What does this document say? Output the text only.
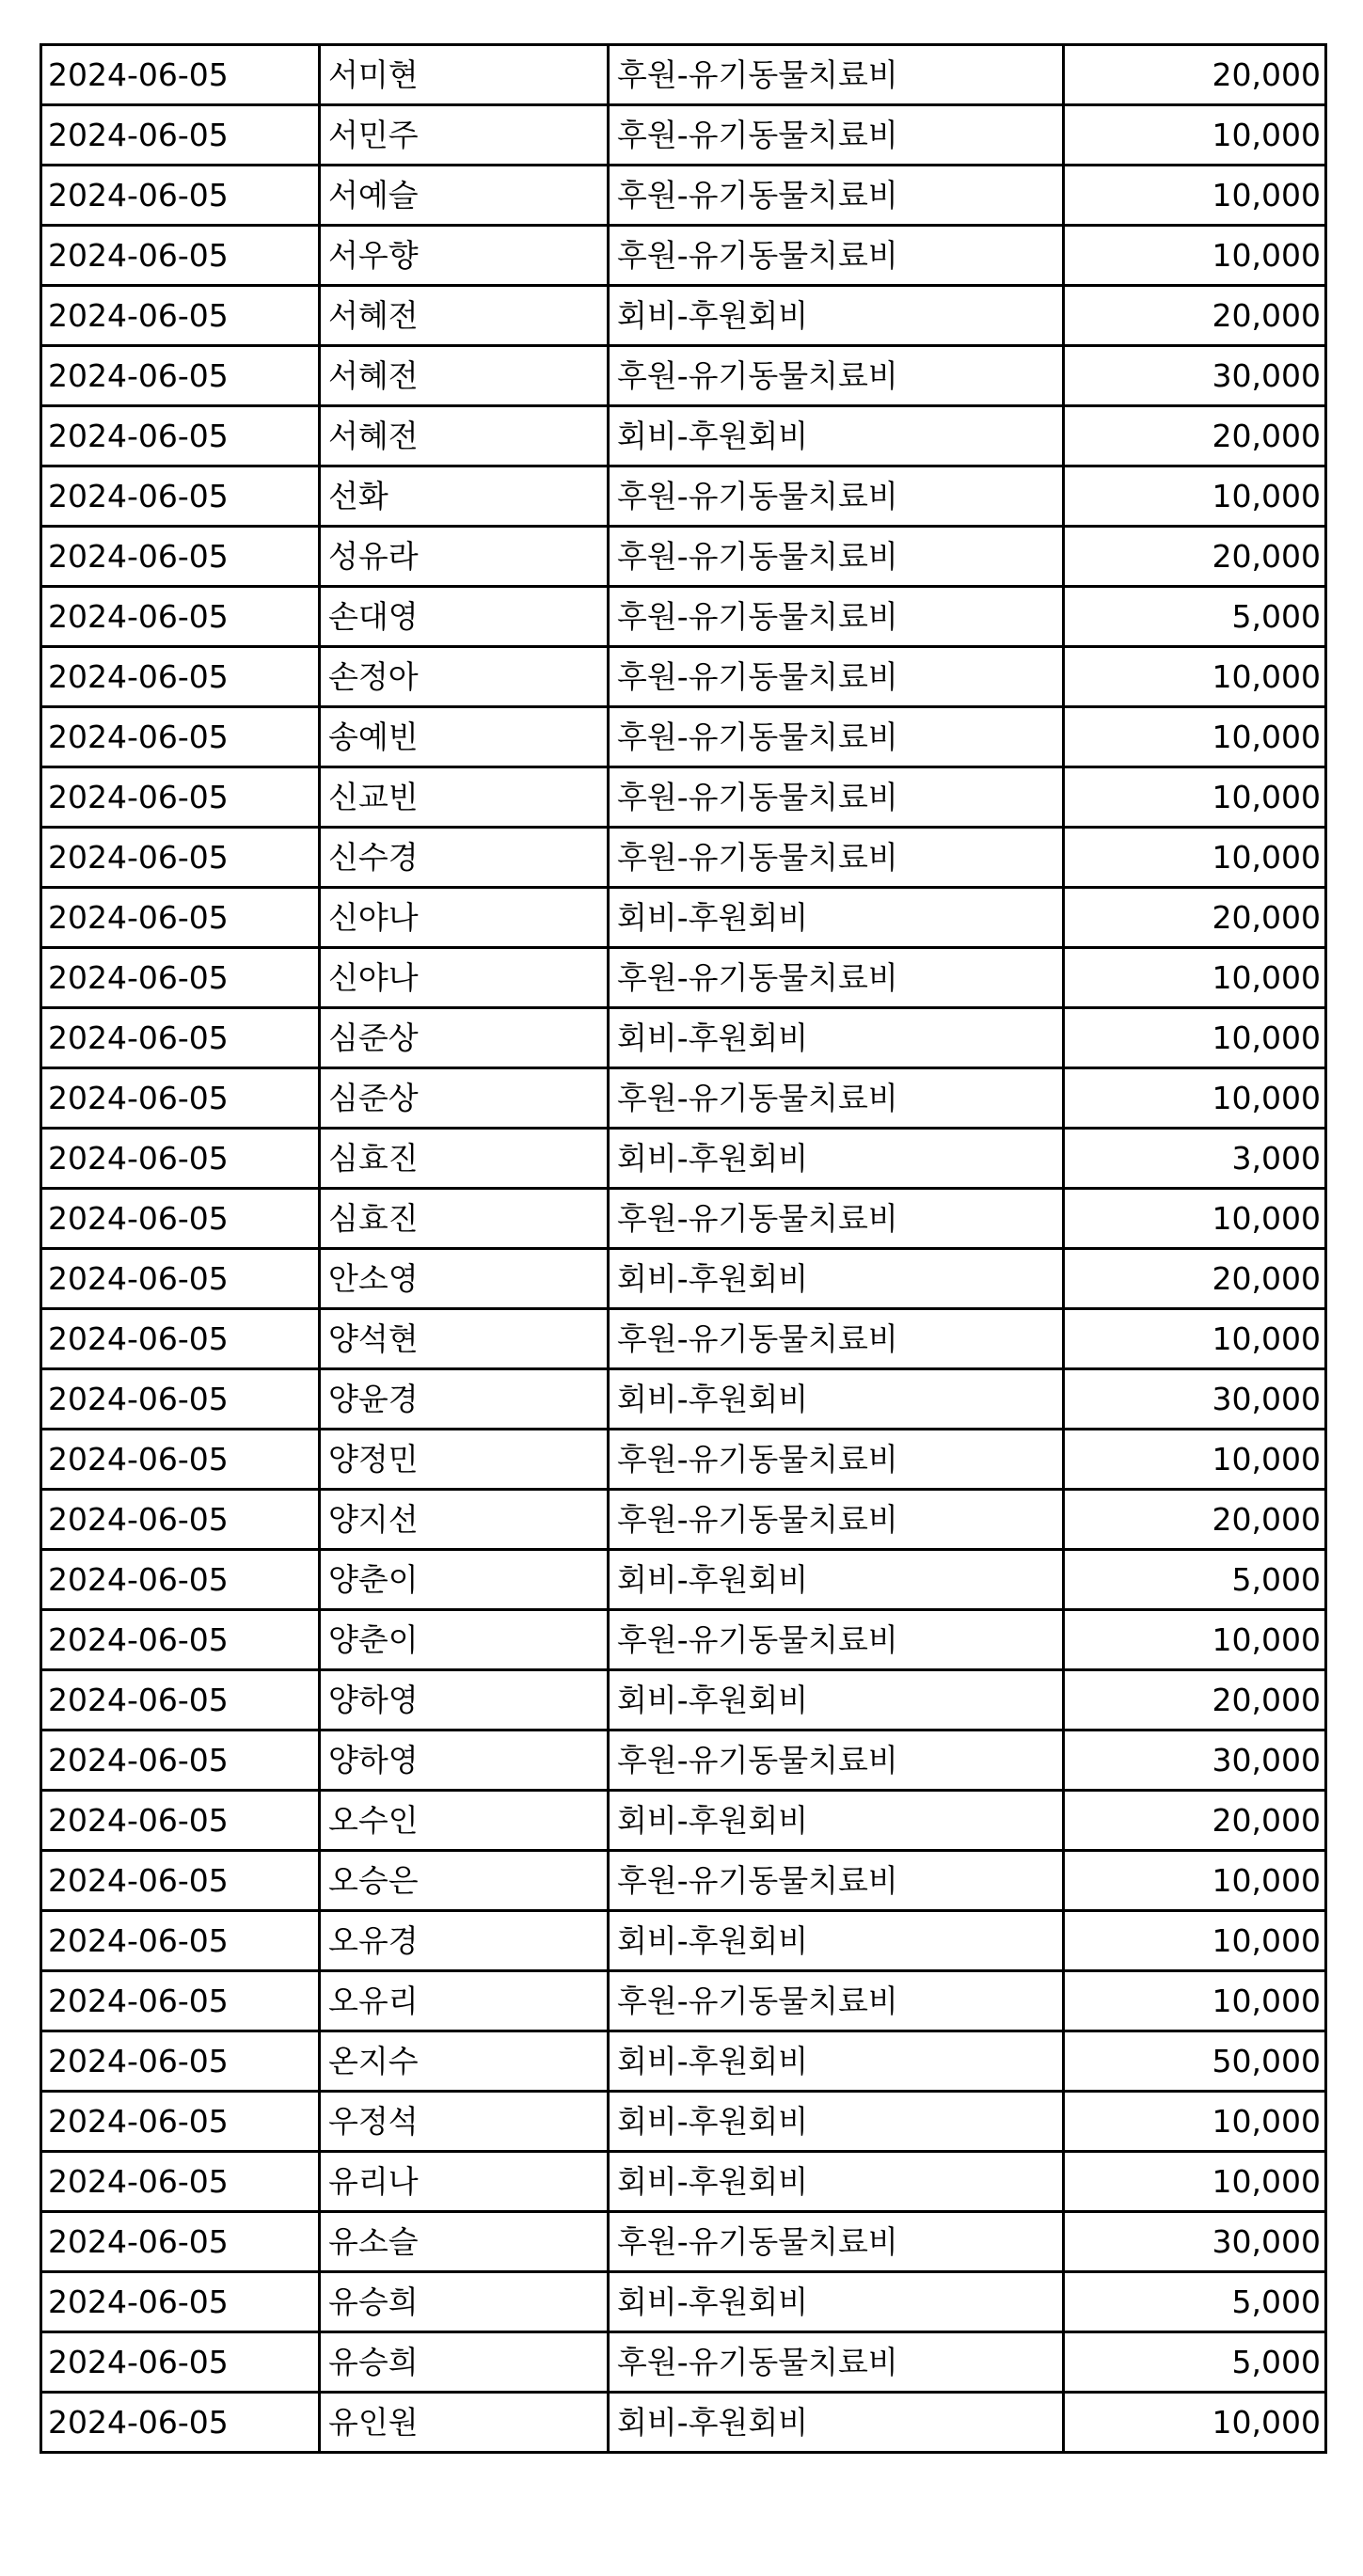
2024-06-05	서미현	후원-유기동물치료비	20,000
2024-06-05	서민주	후원-유기동물치료비	10,000
2024-06-05	서예슬	후원-유기동물치료비	10,000
2024-06-05	서우향	후원-유기동물치료비	10,000
2024-06-05	서혜전	회비-후원회비	20,000
2024-06-05	서혜전	후원-유기동물치료비	30,000
2024-06-05	서혜전	회비-후원회비	20,000
2024-06-05	선화	후원-유기동물치료비	10,000
2024-06-05	성유라	후원-유기동물치료비	20,000
2024-06-05	손대영	후원-유기동물치료비	5,000
2024-06-05	손정아	후원-유기동물치료비	10,000
2024-06-05	송예빈	후원-유기동물치료비	10,000
2024-06-05	신교빈	후원-유기동물치료비	10,000
2024-06-05	신수경	후원-유기동물치료비	10,000
2024-06-05	신야나	회비-후원회비	20,000
2024-06-05	신야나	후원-유기동물치료비	10,000
2024-06-05	심준상	회비-후원회비	10,000
2024-06-05	심준상	후원-유기동물치료비	10,000
2024-06-05	심효진	회비-후원회비	3,000
2024-06-05	심효진	후원-유기동물치료비	10,000
2024-06-05	안소영	회비-후원회비	20,000
2024-06-05	양석현	후원-유기동물치료비	10,000
2024-06-05	양윤경	회비-후원회비	30,000
2024-06-05	양정민	후원-유기동물치료비	10,000
2024-06-05	양지선	후원-유기동물치료비	20,000
2024-06-05	양춘이	회비-후원회비	5,000
2024-06-05	양춘이	후원-유기동물치료비	10,000
2024-06-05	양하영	회비-후원회비	20,000
2024-06-05	양하영	후원-유기동물치료비	30,000
2024-06-05	오수인	회비-후원회비	20,000
2024-06-05	오승은	후원-유기동물치료비	10,000
2024-06-05	오유경	회비-후원회비	10,000
2024-06-05	오유리	후원-유기동물치료비	10,000
2024-06-05	온지수	회비-후원회비	50,000
2024-06-05	우정석	회비-후원회비	10,000
2024-06-05	유리나	회비-후원회비	10,000
2024-06-05	유소슬	후원-유기동물치료비	30,000
2024-06-05	유승희	회비-후원회비	5,000
2024-06-05	유승희	후원-유기동물치료비	5,000
2024-06-05	유인원	회비-후원회비	10,000
